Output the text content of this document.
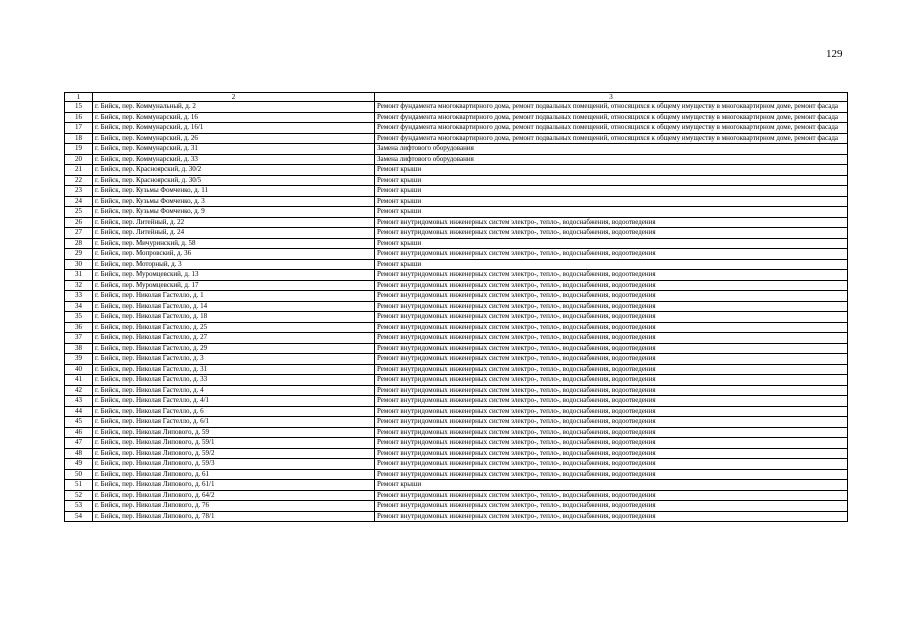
129
1	2	3
15	г. Бийск, пер. Коммунальный, д. 2	Ремонт фундамента многоквартирного дома, ремонт подвальных помещений, относящихся к общему имуществу в многоквартирном доме, ремонт фасада
16	г. Бийск, пер. Коммунарский, д. 16	Ремонт фундамента многоквартирного дома, ремонт подвальных помещений, относящихся к общему имуществу в многоквартирном доме, ремонт фасада
17	г. Бийск, пер. Коммунарский, д. 16/1	Ремонт фундамента многоквартирного дома, ремонт подвальных помещений, относящихся к общему имуществу в многоквартирном доме, ремонт фасада
18	г. Бийск, пер. Коммунарский, д. 26	Ремонт фундамента многоквартирного дома, ремонт подвальных помещений, относящихся к общему имуществу в многоквартирном доме, ремонт фасада
19	г. Бийск, пер. Коммунарский, д. 31	Замена лифтового оборудования
20	г. Бийск, пер. Коммунарский, д. 33	Замена лифтового оборудования
21	г. Бийск, пер. Красноярский, д. 30/2	Ремонт крыши
22	г. Бийск, пер. Красноярский, д. 30/5	Ремонт крыши
23	г. Бийск, пер. Кузьмы Фомченко, д. 11	Ремонт крыши
24	г. Бийск, пер. Кузьмы Фомченко, д. 3	Ремонт крыши
25	г. Бийск, пер. Кузьмы Фомченко, д. 9	Ремонт крыши
26	г. Бийск, пер. Литейный, д. 22	Ремонт внутридомовых инженерных систем электро-, тепло-, водоснабжения, водоотведения
27	г. Бийск, пер. Литейный, д. 24	Ремонт внутридомовых инженерных систем электро-, тепло-, водоснабжения, водоотведения
28	г. Бийск, пер. Мичуринский, д. 58	Ремонт крыши
29	г. Бийск, пер. Мопровский, д. 36	Ремонт внутридомовых инженерных систем электро-, тепло-, водоснабжения, водоотведения
30	г. Бийск, пер. Моторный, д. 3	Ремонт крыши
31	г. Бийск, пер. Муромцевский, д. 13	Ремонт внутридомовых инженерных систем электро-, тепло-, водоснабжения, водоотведения
32	г. Бийск, пер. Муромцевский, д. 17	Ремонт внутридомовых инженерных систем электро-, тепло-, водоснабжения, водоотведения
33	г. Бийск, пер. Николая Гастелло, д. 1	Ремонт внутридомовых инженерных систем электро-, тепло-, водоснабжения, водоотведения
34	г. Бийск, пер. Николая Гастелло, д. 14	Ремонт внутридомовых инженерных систем электро-, тепло-, водоснабжения, водоотведения
35	г. Бийск, пер. Николая Гастелло, д. 18	Ремонт внутридомовых инженерных систем электро-, тепло-, водоснабжения, водоотведения
36	г. Бийск, пер. Николая Гастелло, д. 25	Ремонт внутридомовых инженерных систем электро-, тепло-, водоснабжения, водоотведения
37	г. Бийск, пер. Николая Гастелло, д. 27	Ремонт внутридомовых инженерных систем электро-, тепло-, водоснабжения, водоотведения
38	г. Бийск, пер. Николая Гастелло, д. 29	Ремонт внутридомовых инженерных систем электро-, тепло-, водоснабжения, водоотведения
39	г. Бийск, пер. Николая Гастелло, д. 3	Ремонт внутридомовых инженерных систем электро-, тепло-, водоснабжения, водоотведения
40	г. Бийск, пер. Николая Гастелло, д. 31	Ремонт внутридомовых инженерных систем электро-, тепло-, водоснабжения, водоотведения
41	г. Бийск, пер. Николая Гастелло, д. 33	Ремонт внутридомовых инженерных систем электро-, тепло-, водоснабжения, водоотведения
42	г. Бийск, пер. Николая Гастелло, д. 4	Ремонт внутридомовых инженерных систем электро-, тепло-, водоснабжения, водоотведения
43	г. Бийск, пер. Николая Гастелло, д. 4/1	Ремонт внутридомовых инженерных систем электро-, тепло-, водоснабжения, водоотведения
44	г. Бийск, пер. Николая Гастелло, д. 6	Ремонт внутридомовых инженерных систем электро-, тепло-, водоснабжения, водоотведения
45	г. Бийск, пер. Николая Гастелло, д. 6/1	Ремонт внутридомовых инженерных систем электро-, тепло-, водоснабжения, водоотведения
46	г. Бийск, пер. Николая Липового, д. 59	Ремонт внутридомовых инженерных систем электро-, тепло-, водоснабжения, водоотведения
47	г. Бийск, пер. Николая Липового, д. 59/1	Ремонт внутридомовых инженерных систем электро-, тепло-, водоснабжения, водоотведения
48	г. Бийск, пер. Николая Липового, д. 59/2	Ремонт внутридомовых инженерных систем электро-, тепло-, водоснабжения, водоотведения
49	г. Бийск, пер. Николая Липового, д. 59/3	Ремонт внутридомовых инженерных систем электро-, тепло-, водоснабжения, водоотведения
50	г. Бийск, пер. Николая Липового, д. 61	Ремонт внутридомовых инженерных систем электро-, тепло-, водоснабжения, водоотведения
51	г. Бийск, пер. Николая Липового, д. 61/1	Ремонт крыши
52	г. Бийск, пер. Николая Липового, д. 64/2	Ремонт внутридомовых инженерных систем электро-, тепло-, водоснабжения, водоотведения
53	г. Бийск, пер. Николая Липового, д. 76	Ремонт внутридомовых инженерных систем электро-, тепло-, водоснабжения, водоотведения
54	г. Бийск, пер. Николая Липового, д. 78/1	Ремонт внутридомовых инженерных систем электро-, тепло-, водоснабжения, водоотведения
